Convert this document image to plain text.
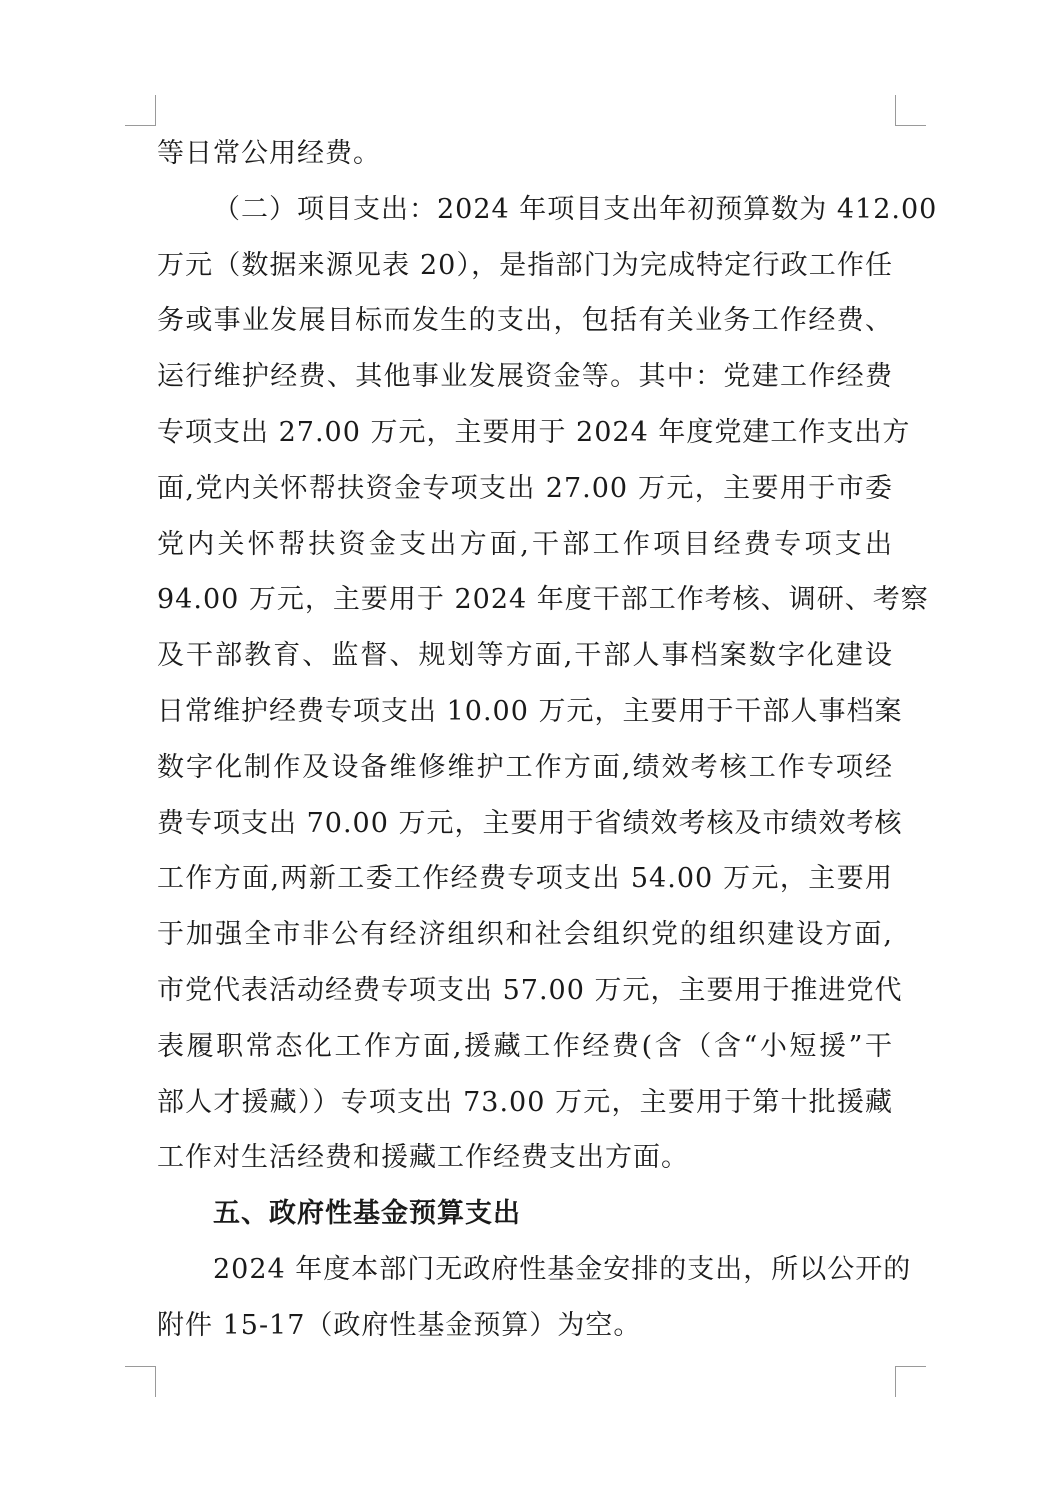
等日常公用经费。
（二）项目支出：2024 年项目支出年初预算数为 412.00
万元（数据来源见表 20），是指部门为完成特定行政工作任
务或事业发展目标而发生的支出，包括有关业务工作经费、
运行维护经费、其他事业发展资金等。其中：党建工作经费
专项支出 27.00 万元，主要用于 2024 年度党建工作支出方
面,党内关怀帮扶资金专项支出 27.00 万元，主要用于市委
党内关怀帮扶资金支出方面,干部工作项目经费专项支出
94.00 万元，主要用于 2024 年度干部工作考核、调研、考察
及干部教育、监督、规划等方面,干部人事档案数字化建设
日常维护经费专项支出 10.00 万元，主要用于干部人事档案
数字化制作及设备维修维护工作方面,绩效考核工作专项经
费专项支出 70.00 万元，主要用于省绩效考核及市绩效考核
工作方面,两新工委工作经费专项支出 54.00 万元，主要用
于加强全市非公有经济组织和社会组织党的组织建设方面,
市党代表活动经费专项支出 57.00 万元，主要用于推进党代
表履职常态化工作方面,援藏工作经费(含（含“小短援”干
部人才援藏））专项支出 73.00 万元，主要用于第十批援藏
工作对生活经费和援藏工作经费支出方面。
五、政府性基金预算支出
2024 年度本部门无政府性基金安排的支出，所以公开的
附件 15-17（政府性基金预算）为空。
